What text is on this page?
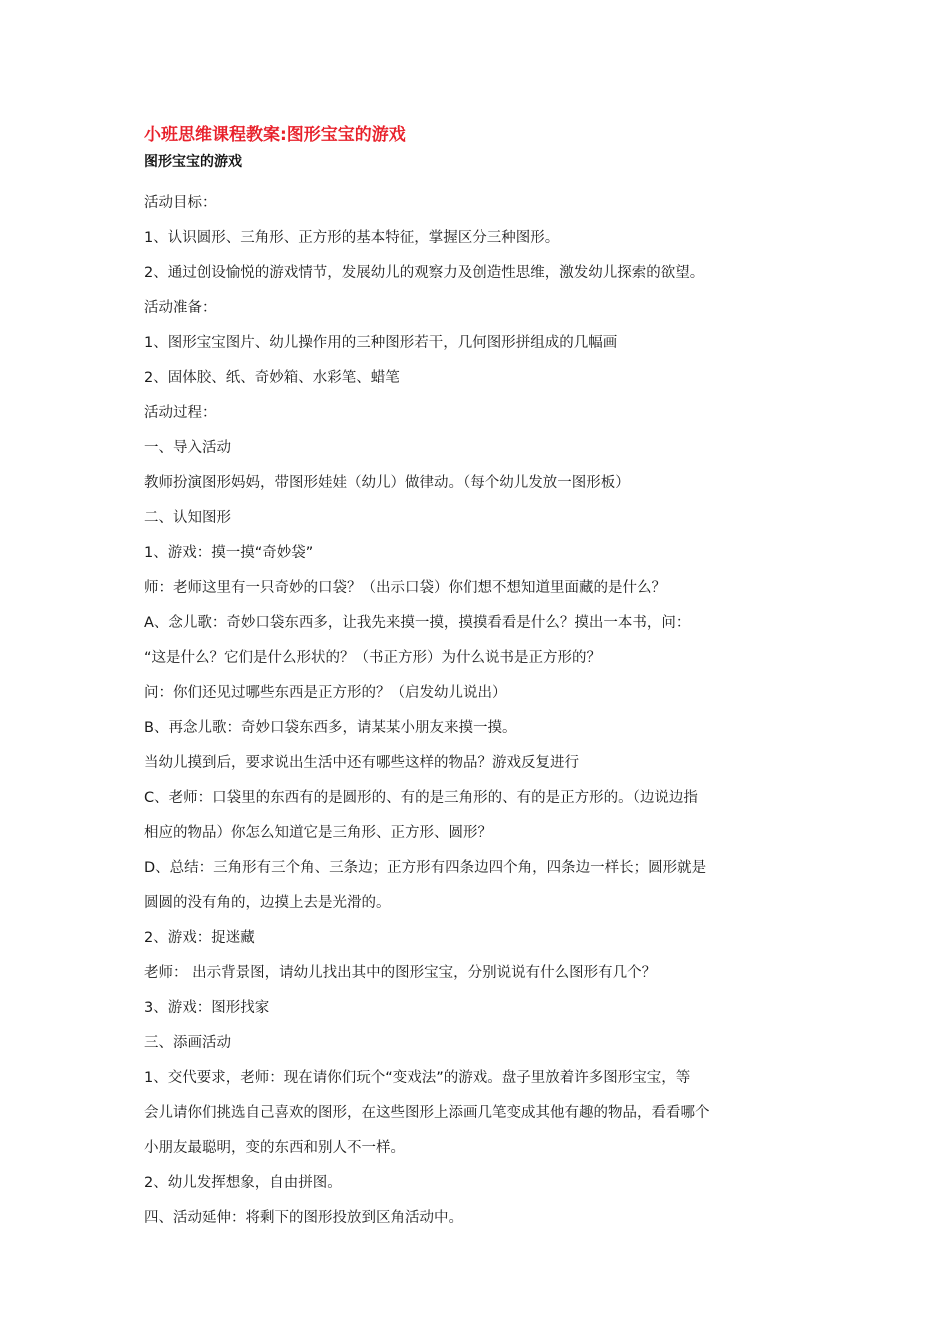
小班思维课程教案:图形宝宝的游戏
图形宝宝的游戏

活动目标：

1、认识圆形、三角形、正方形的基本特征，掌握区分三种图形。

2、通过创设愉悦的游戏情节，发展幼儿的观察力及创造性思维，激发幼儿探索的欲望。

活动准备：

1、图形宝宝图片、幼儿操作用的三种图形若干，几何图形拼组成的几幅画

2、固体胶、纸、奇妙箱、水彩笔、蜡笔

活动过程：

一、导入活动

教师扮演图形妈妈，带图形娃娃（幼儿）做律动。（每个幼儿发放一图形板）

二、认知图形

1、游戏：摸一摸“奇妙袋”

师：老师这里有一只奇妙的口袋？（出示口袋）你们想不想知道里面藏的是什么？

A、念儿歌：奇妙口袋东西多，让我先来摸一摸，摸摸看看是什么？摸出一本书，问：

“这是什么？它们是什么形状的？（书正方形）为什么说书是正方形的？

问：你们还见过哪些东西是正方形的？（启发幼儿说出）

B、再念儿歌：奇妙口袋东西多，请某某小朋友来摸一摸。

当幼儿摸到后，要求说出生活中还有哪些这样的物品？游戏反复进行

C、老师：口袋里的东西有的是圆形的、有的是三角形的、有的是正方形的。（边说边指

相应的物品）你怎么知道它是三角形、正方形、圆形？

D、总结：三角形有三个角、三条边；正方形有四条边四个角，四条边一样长；圆形就是

圆圆的没有角的，边摸上去是光滑的。

2、游戏：捉迷藏

老师： 出示背景图，请幼儿找出其中的图形宝宝，分别说说有什么图形有几个？

3、游戏：图形找家

三、添画活动

1、交代要求，老师：现在请你们玩个“变戏法”的游戏。盘子里放着许多图形宝宝，等

会儿请你们挑选自己喜欢的图形，在这些图形上添画几笔变成其他有趣的物品，看看哪个

小朋友最聪明，变的东西和别人不一样。

2、幼儿发挥想象，自由拼图。

四、活动延伸：将剩下的图形投放到区角活动中。
